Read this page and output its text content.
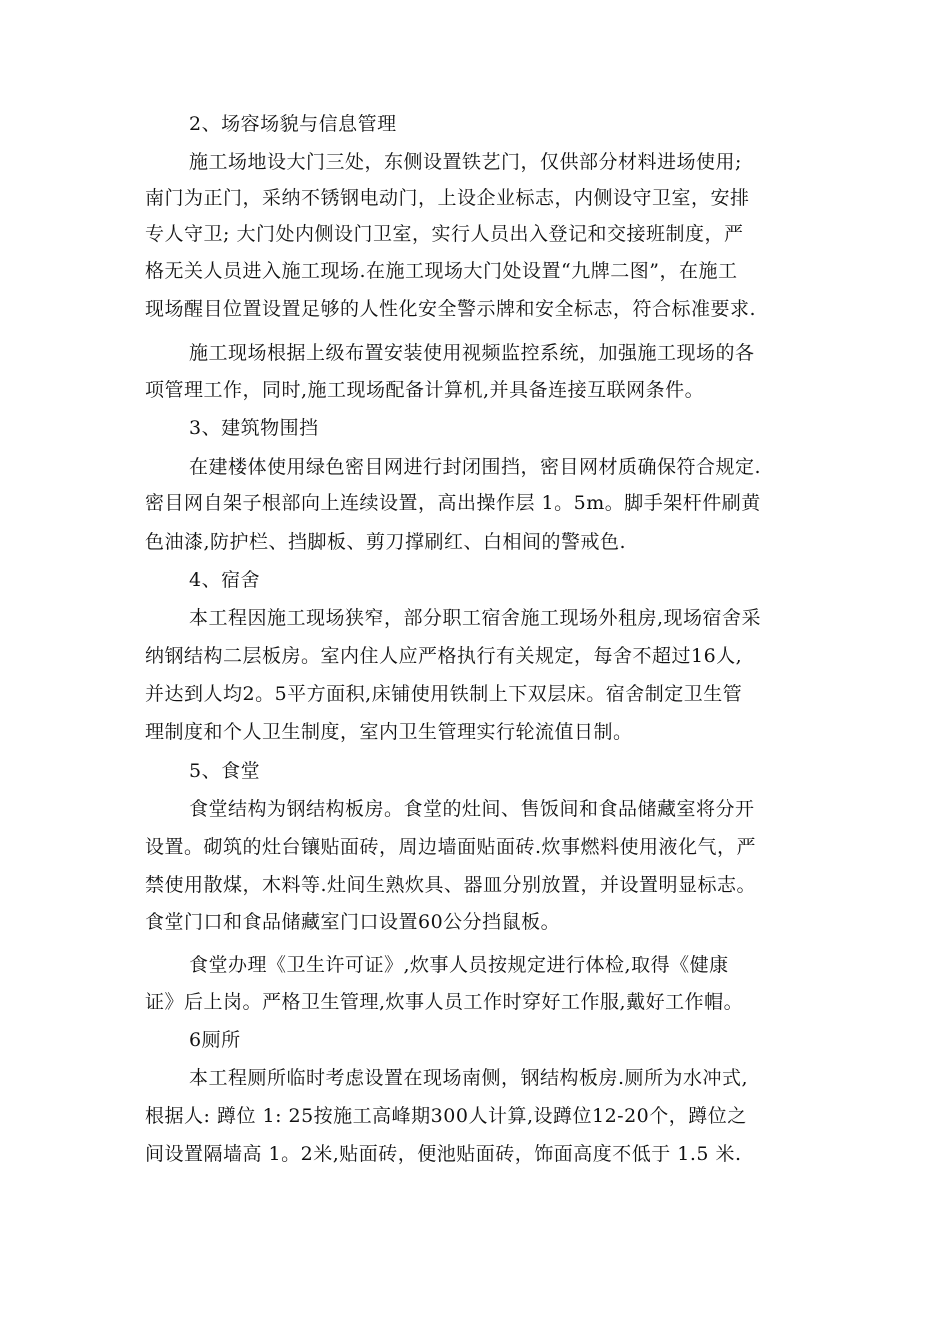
2、场容场貌与信息管理
施工场地设大门三处，东侧设置铁艺门，仅供部分材料进场使用;
南门为正门，采纳不锈钢电动门，上设企业标志，内侧设守卫室，安排
专人守卫; 大门处内侧设门卫室，实行人员出入登记和交接班制度，严
格无关人员进入施工现场.在施工现场大门处设置“九牌二图”，在施工
现场醒目位置设置足够的人性化安全警示牌和安全标志，符合标准要求.
施工现场根据上级布置安装使用视频监控系统，加强施工现场的各
项管理工作，同时,施工现场配备计算机,并具备连接互联网条件。
3、建筑物围挡
在建楼体使用绿色密目网进行封闭围挡，密目网材质确保符合规定.
密目网自架子根部向上连续设置，高出操作层 1。5m。脚手架杆件刷黄
色油漆,防护栏、挡脚板、剪刀撑刷红、白相间的警戒色.
4、宿舍
本工程因施工现场狭窄，部分职工宿舍施工现场外租房,现场宿舍采
纳钢结构二层板房。室内住人应严格执行有关规定，每舍不超过16人,
并达到人均2。5平方面积,床铺使用铁制上下双层床。宿舍制定卫生管
理制度和个人卫生制度，室内卫生管理实行轮流值日制。
5、食堂
食堂结构为钢结构板房。食堂的灶间、售饭间和食品储藏室将分开
设置。砌筑的灶台镶贴面砖，周边墙面贴面砖.炊事燃料使用液化气，严
禁使用散煤，木料等.灶间生熟炊具、器皿分别放置，并设置明显标志。
食堂门口和食品储藏室门口设置60公分挡鼠板。
食堂办理《卫生许可证》,炊事人员按规定进行体检,取得《健康
证》后上岗。严格卫生管理,炊事人员工作时穿好工作服,戴好工作帽。
6厕所
本工程厕所临时考虑设置在现场南侧，钢结构板房.厕所为水冲式,
根据人: 蹲位 1: 25按施工高峰期300人计算,设蹲位12-20个，蹲位之
间设置隔墙高 1。2米,贴面砖，便池贴面砖，饰面高度不低于 1.5 米.
